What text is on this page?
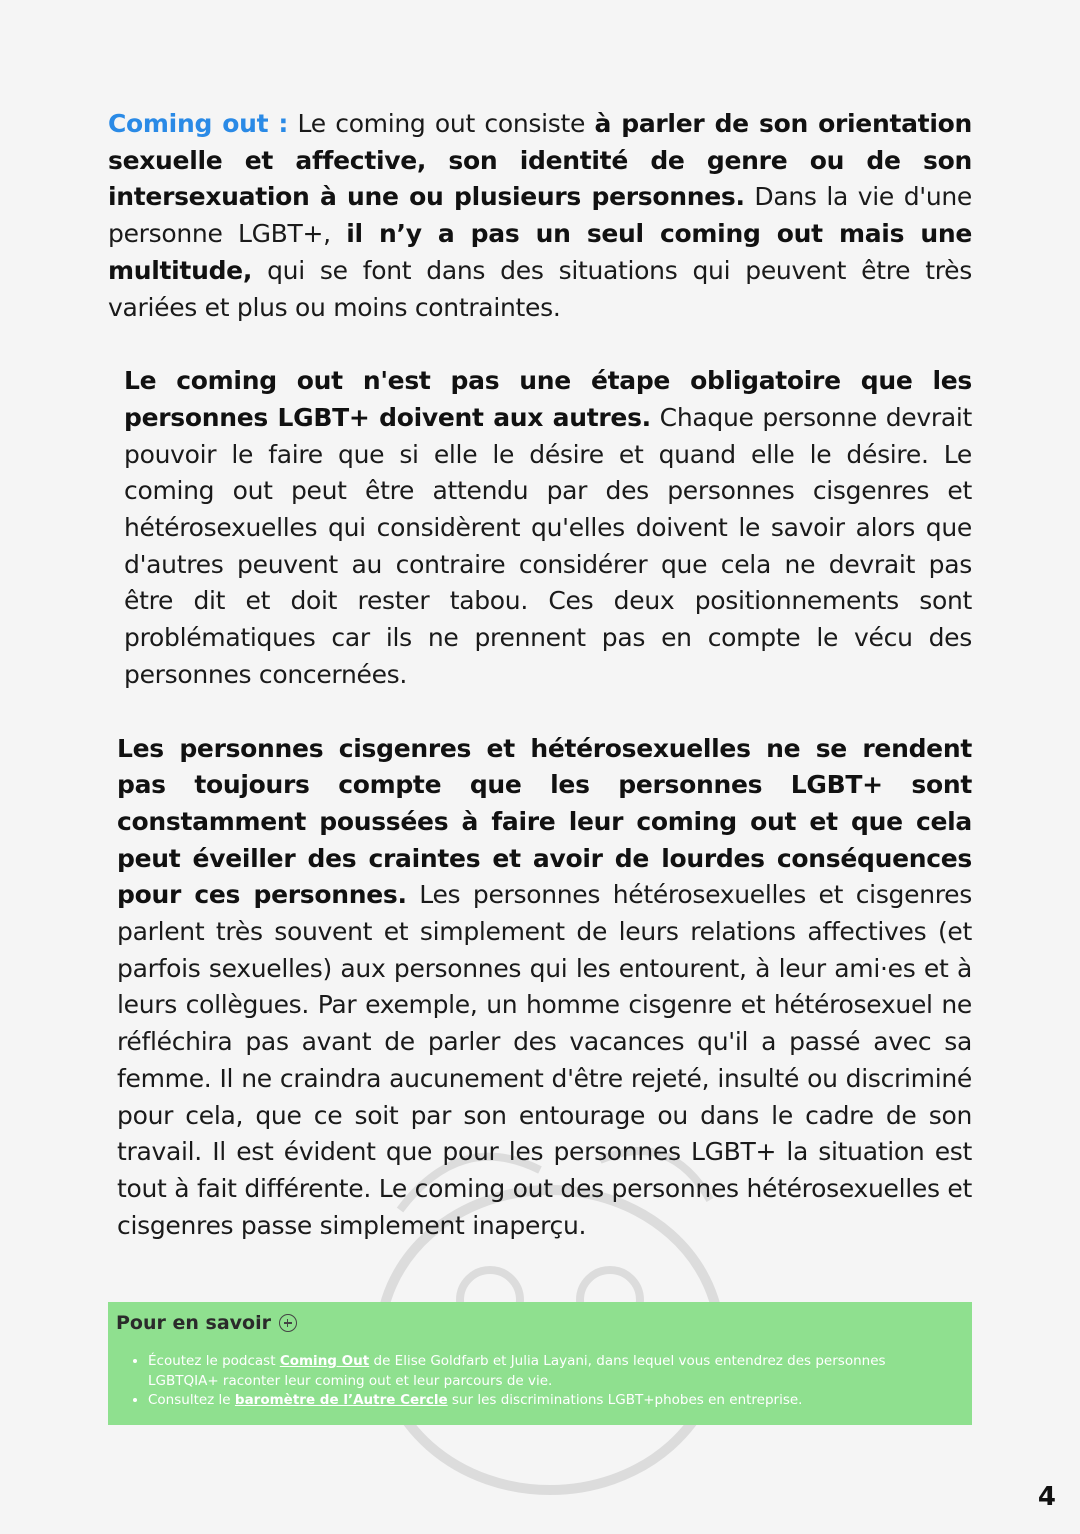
Coming out : Le coming out consiste à parler de son orientation sexuelle et affective, son identité de genre ou de son intersexuation à une ou plusieurs personnes. Dans la vie d'une personne LGBT+, il n’y a pas un seul coming out mais une multitude, qui se font dans des situations qui peuvent être très variées et plus ou moins contraintes.

Le coming out n'est pas une étape obligatoire que les personnes LGBT+ doivent aux autres. Chaque personne devrait pouvoir le faire que si elle le désire et quand elle le désire. Le coming out peut être attendu par des personnes cisgenres et hétérosexuelles qui considèrent qu'elles doivent le savoir alors que d'autres peuvent au contraire considérer que cela ne devrait pas être dit et doit rester tabou. Ces deux positionnements sont problématiques car ils ne prennent pas en compte le vécu des personnes concernées.

Les personnes cisgenres et hétérosexuelles ne se rendent pas toujours compte que les personnes LGBT+ sont constamment poussées à faire leur coming out et que cela peut éveiller des craintes et avoir de lourdes conséquences pour ces personnes. Les personnes hétérosexuelles et cisgenres parlent très souvent et simplement de leurs relations affectives (et parfois sexuelles) aux personnes qui les entourent, à leur ami·es et à leurs collègues. Par exemple, un homme cisgenre et hétérosexuel ne réfléchira pas avant de parler des vacances qu'il a passé avec sa femme. Il ne craindra aucunement d'être rejeté, insulté ou discriminé pour cela, que ce soit par son entourage ou dans le cadre de son travail. Il est évident que pour les personnes LGBT+ la situation est tout à fait différente. Le coming out des personnes hétérosexuelles et cisgenres passe simplement inaperçu.

Pour en savoir
• Écoutez le podcast Coming Out de Elise Goldfarb et Julia Layani, dans lequel vous entendrez des personnes LGBTQIA+ raconter leur coming out et leur parcours de vie.
• Consultez le baromètre de l’Autre Cercle sur les discriminations LGBT+phobes en entreprise.
4
